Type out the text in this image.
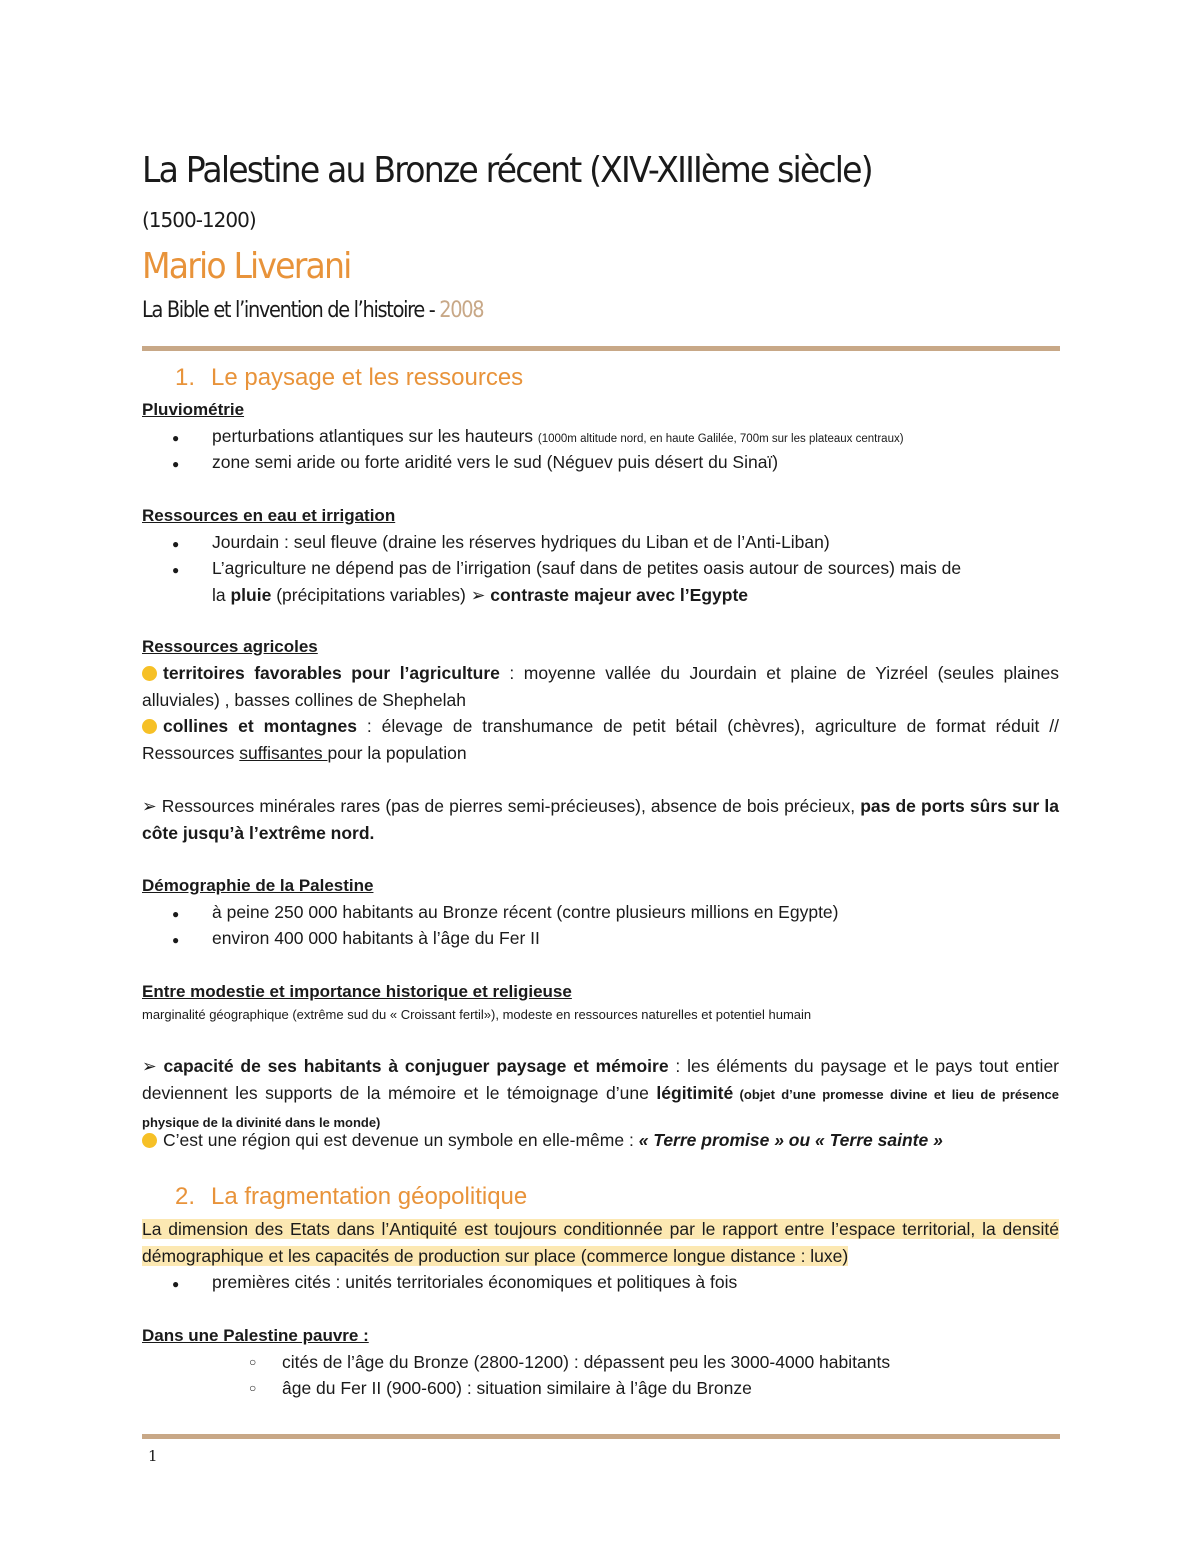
La Palestine au Bronze récent (XIV-XIIIème siècle)
(1500-1200)
Mario Liverani
La Bible et l’invention de l’histoire - 2008
1. Le paysage et les ressources
Pluviométrie
● perturbations atlantiques sur les hauteurs (1000m altitude nord, en haute Galilée, 700m sur les plateaux centraux)
● zone semi aride ou forte aridité vers le sud (Néguev puis désert du Sinaï)
Ressources en eau et irrigation
● Jourdain : seul fleuve (draine les réserves hydriques du Liban et de l’Anti-Liban)
● L’agriculture ne dépend pas de l’irrigation (sauf dans de petites oasis autour de sources) mais de
la pluie (précipitations variables) ➢ contraste majeur avec l’Egypte
Ressources agricoles
territoires favorables pour l’agriculture : moyenne vallée du Jourdain et plaine de Yizréel (seules plaines alluviales) , basses collines de Shephelah
collines et montagnes : élevage de transhumance de petit bétail (chèvres), agriculture de format réduit // Ressources suffisantes pour la population
➢ Ressources minérales rares (pas de pierres semi-précieuses), absence de bois précieux, pas de ports sûrs sur la côte jusqu’à l’extrême nord.
Démographie de la Palestine
● à peine 250 000 habitants au Bronze récent (contre plusieurs millions en Egypte)
● environ 400 000 habitants à l’âge du Fer II
Entre modestie et importance historique et religieuse
marginalité géographique (extrême sud du « Croissant fertil»), modeste en ressources naturelles et potentiel humain
➢ capacité de ses habitants à conjuguer paysage et mémoire : les éléments du paysage et le pays tout entier deviennent les supports de la mémoire et le témoignage d’une légitimité (objet d’une promesse divine et lieu de présence physique de la divinité dans le monde)
C’est une région qui est devenue un symbole en elle-même : « Terre promise » ou « Terre sainte »
2. La fragmentation géopolitique
La dimension des Etats dans l’Antiquité est toujours conditionnée par le rapport entre l’espace territorial, la densité démographique et les capacités de production sur place (commerce longue distance : luxe)
● premières cités : unités territoriales économiques et politiques à fois
Dans une Palestine pauvre :
○ cités de l’âge du Bronze (2800-1200) : dépassent peu les 3000-4000 habitants
○ âge du Fer II (900-600) : situation similaire à l’âge du Bronze
1
